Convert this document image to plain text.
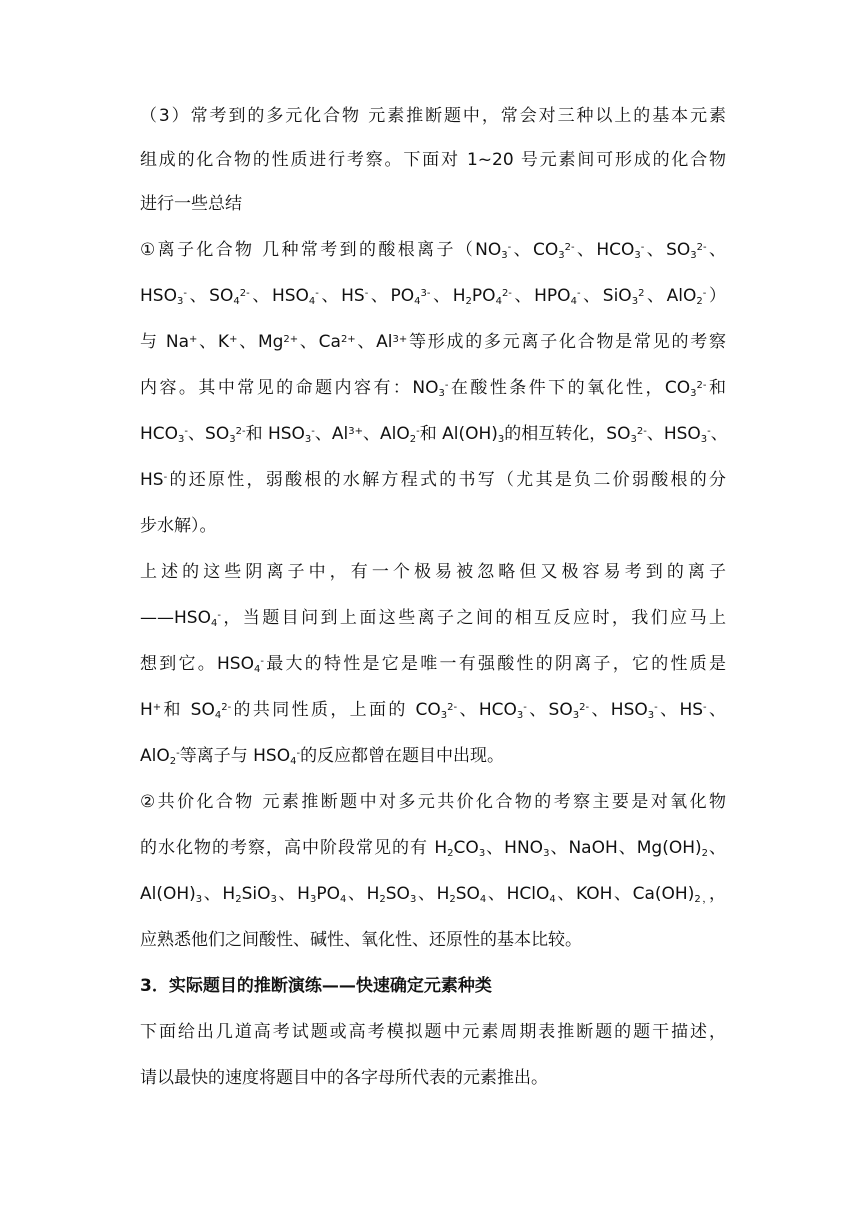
（3）常考到的多元化合物 元素推断题中，常会对三种以上的基本元素
组成的化合物的性质进行考察。下面对 1~20 号元素间可形成的化合物
进行一些总结
①离子化合物 几种常考到的酸根离子（$NO_3^-$、$CO_3^{2-}$、$HCO_3^-$、$SO_3^{2-}$、
$HSO_3^-$、$SO_4^{2-}$、$HSO_4^-$、HS-、$PO_4^{3-}$、$H_2PO_4^{2-}$、$HPO_4^-$、SiO$_3^2$、AlO$_2$-）
与 Na+、K+、$Mg^{2+}$、$Ca^{2+}$、$Al^{3+}$等形成的多元离子化合物是常见的考察
内容。其中常见的命题内容有：$NO_3^-$在酸性条件下的氧化性，$CO_3^{2-}$和
$HCO_3^-$、$SO_3^{2-}$和 $HSO_3^-$、$Al^{3+}$、AlO$_2$-和 $Al(OH)_3$的相互转化，$SO_3^{2-}$、$HSO_3^-$、
HS-的还原性，弱酸根的水解方程式的书写（尤其是负二价弱酸根的分
步水解）。
上述的这些阴离子中，有一个极易被忽略但又极容易考到的离子
$——HSO_4^-$，当题目问到上面这些离子之间的相互反应时，我们应马上
想到它。$HSO_4^-$最大的特性是它是唯一有强酸性的阴离子，它的性质是
H+和 $SO_4^{2-}$的共同性质，上面的 $CO_3^{2-}$、$HCO_3^-$、$SO_3^{2-}$、$HSO_3^-$、HS-、
AlO$_2$-等离子与 $HSO_4^-$的反应都曾在题目中出现。
②共价化合物 元素推断题中对多元共价化合物的考察主要是对氧化物
的水化物的考察，高中阶段常见的有 $H_2CO_3$、$HNO_3$、NaOH、$Mg(OH)_2$、
$Al(OH)_3$、$H_2SiO_3$、$H_3PO_4$、$H_2SO_3$、$H_2SO_4$、HClO$_4$、KOH、$Ca(OH)_{2,}$，
应熟悉他们之间酸性、碱性、氧化性、还原性的基本比较。
3．实际题目的推断演练——快速确定元素种类
下面给出几道高考试题或高考模拟题中元素周期表推断题的题干描述，
请以最快的速度将题目中的各字母所代表的元素推出。
